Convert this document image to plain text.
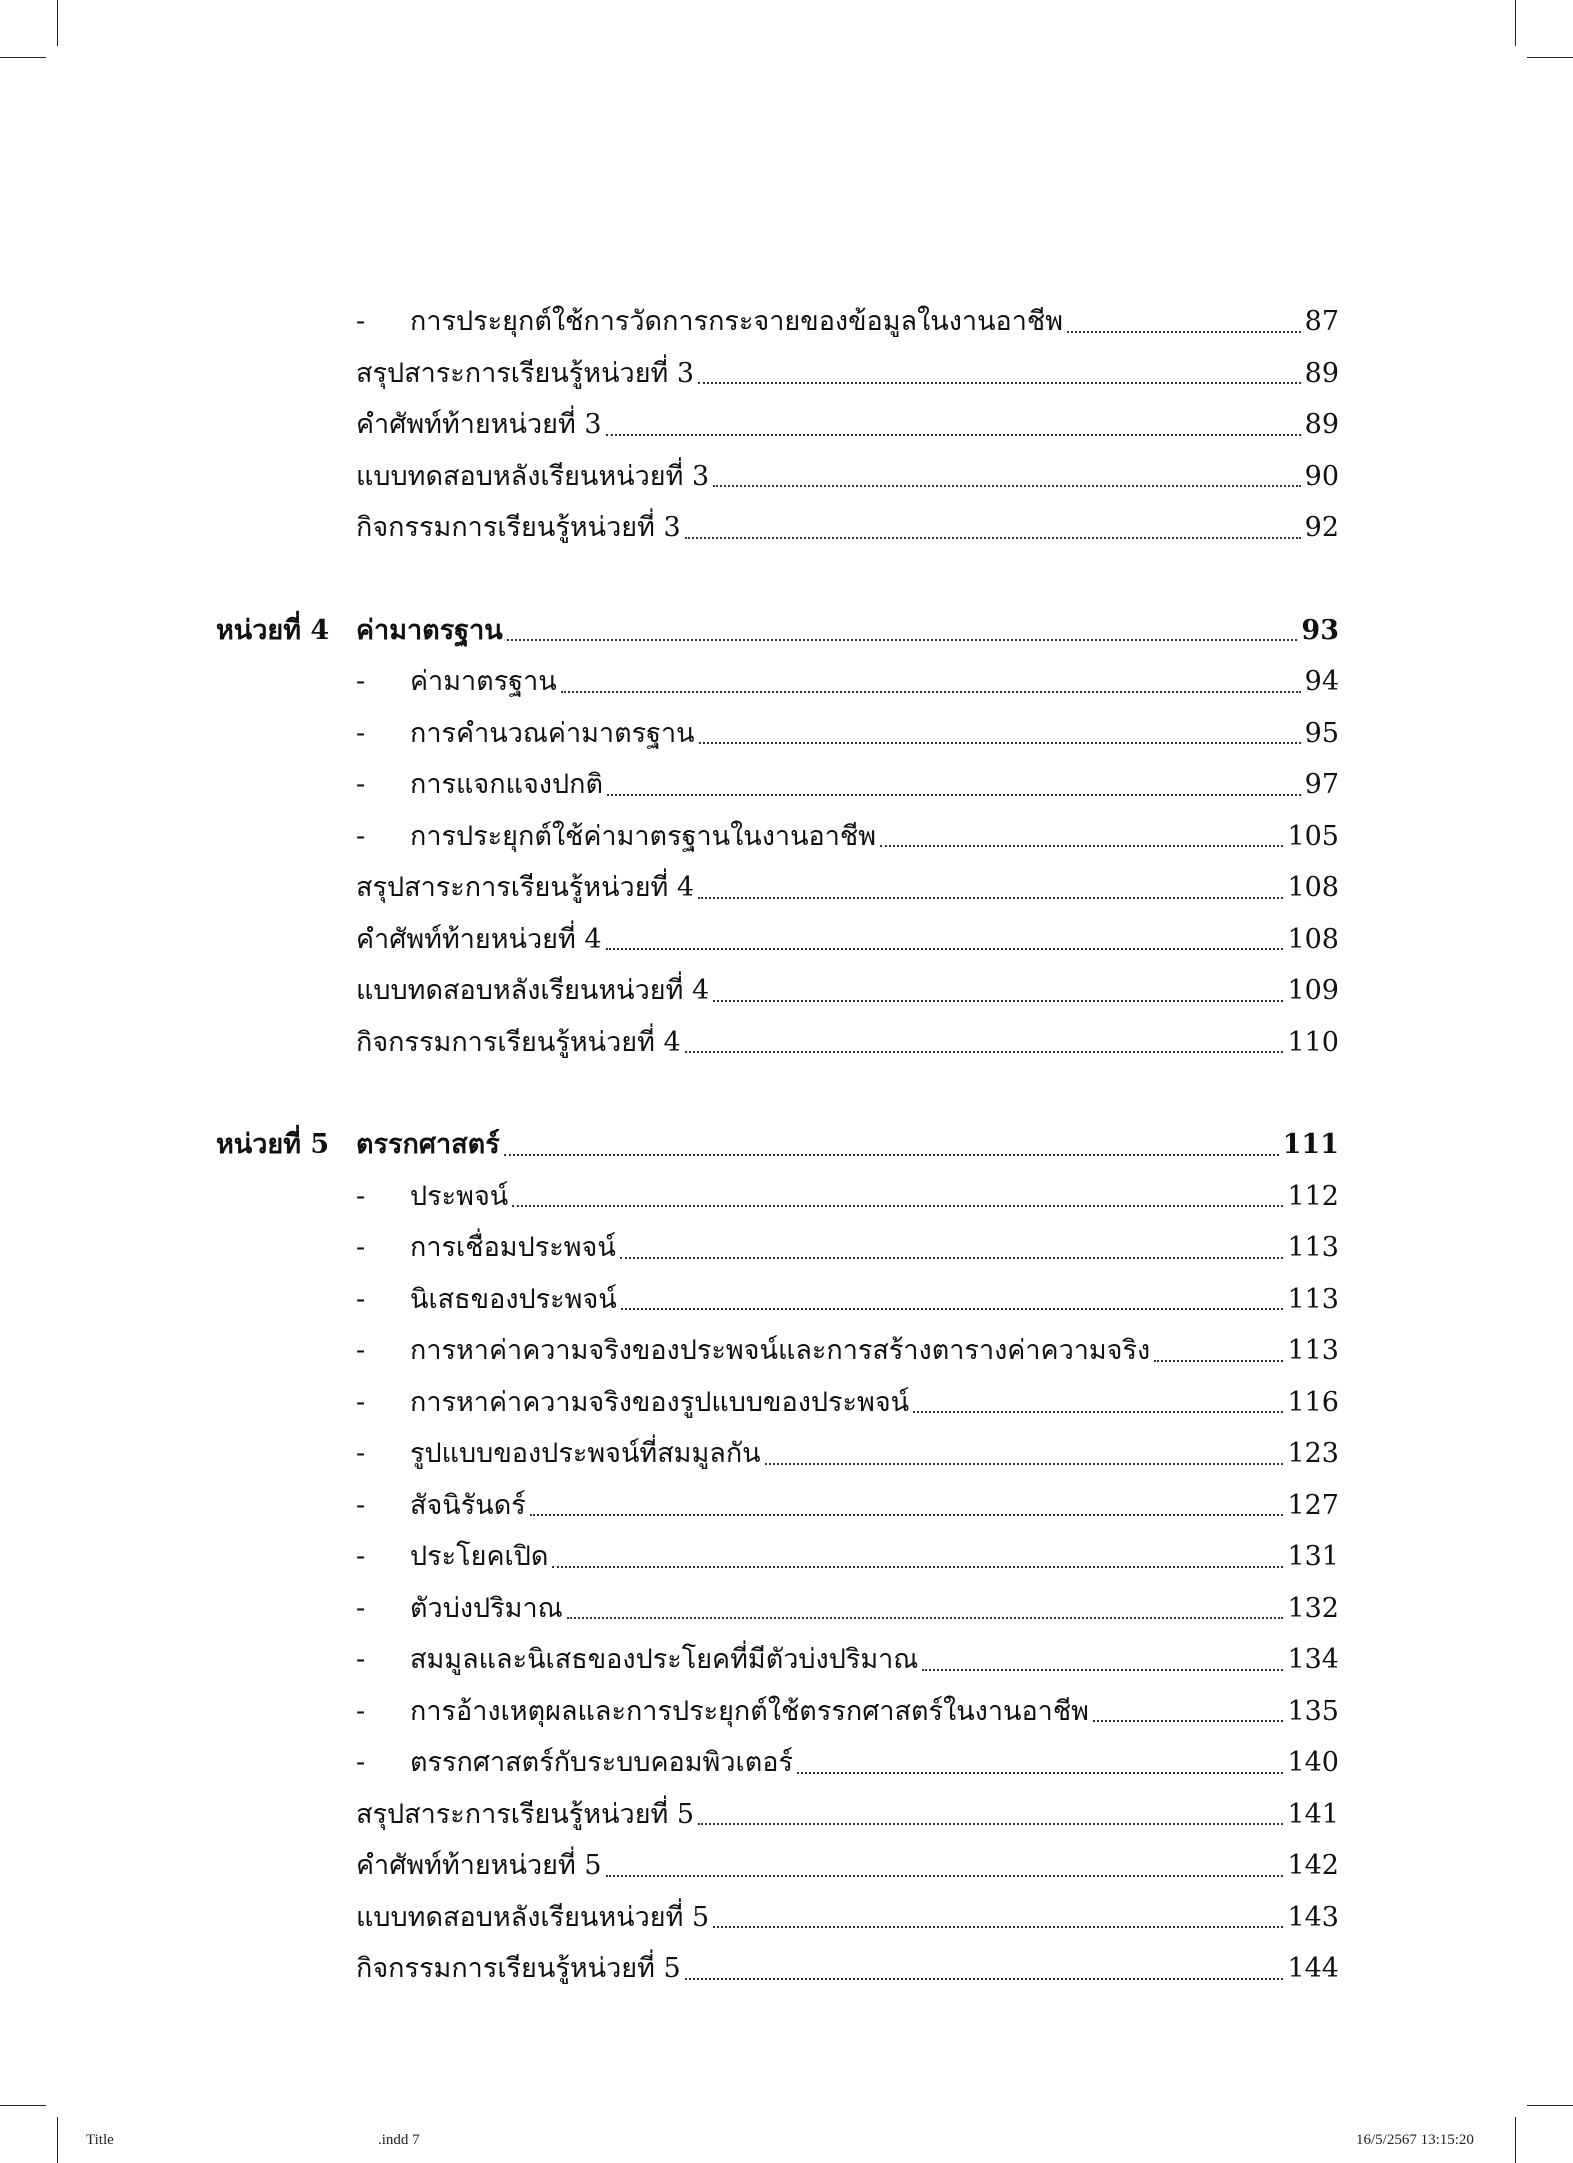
-	การประยุกต์ใช้การวัดการกระจายของข้อมูลในงานอาชีพ	87
สรุปสาระการเรียนรู้หน่วยที่ 3	89
คำศัพท์ท้ายหน่วยที่ 3	89
แบบทดสอบหลังเรียนหน่วยที่ 3	90
กิจกรรมการเรียนรู้หน่วยที่ 3	92
หน่วยที่ 4 ค่ามาตรฐาน	93
-	ค่ามาตรฐาน	94
-	การคำนวณค่ามาตรฐาน	95
-	การแจกแจงปกติ	97
-	การประยุกต์ใช้ค่ามาตรฐานในงานอาชีพ	105
สรุปสาระการเรียนรู้หน่วยที่ 4	108
คำศัพท์ท้ายหน่วยที่ 4	108
แบบทดสอบหลังเรียนหน่วยที่ 4	109
กิจกรรมการเรียนรู้หน่วยที่ 4	110
หน่วยที่ 5 ตรรกศาสตร์	111
-	ประพจน์	112
-	การเชื่อมประพจน์	113
-	นิเสธของประพจน์	113
-	การหาค่าความจริงของประพจน์และการสร้างตารางค่าความจริง	113
-	การหาค่าความจริงของรูปแบบของประพจน์	116
-	รูปแบบของประพจน์ที่สมมูลกัน	123
-	สัจนิรันดร์	127
-	ประโยคเปิด	131
-	ตัวบ่งปริมาณ	132
-	สมมูลและนิเสธของประโยคที่มีตัวบ่งปริมาณ	134
-	การอ้างเหตุผลและการประยุกต์ใช้ตรรกศาสตร์ในงานอาชีพ	135
-	ตรรกศาสตร์กับระบบคอมพิวเตอร์	140
สรุปสาระการเรียนรู้หน่วยที่ 5	141
คำศัพท์ท้ายหน่วยที่ 5	142
แบบทดสอบหลังเรียนหน่วยที่ 5	143
กิจกรรมการเรียนรู้หน่วยที่ 5	144
Title	.indd 7	16/5/2567 13:15:20
